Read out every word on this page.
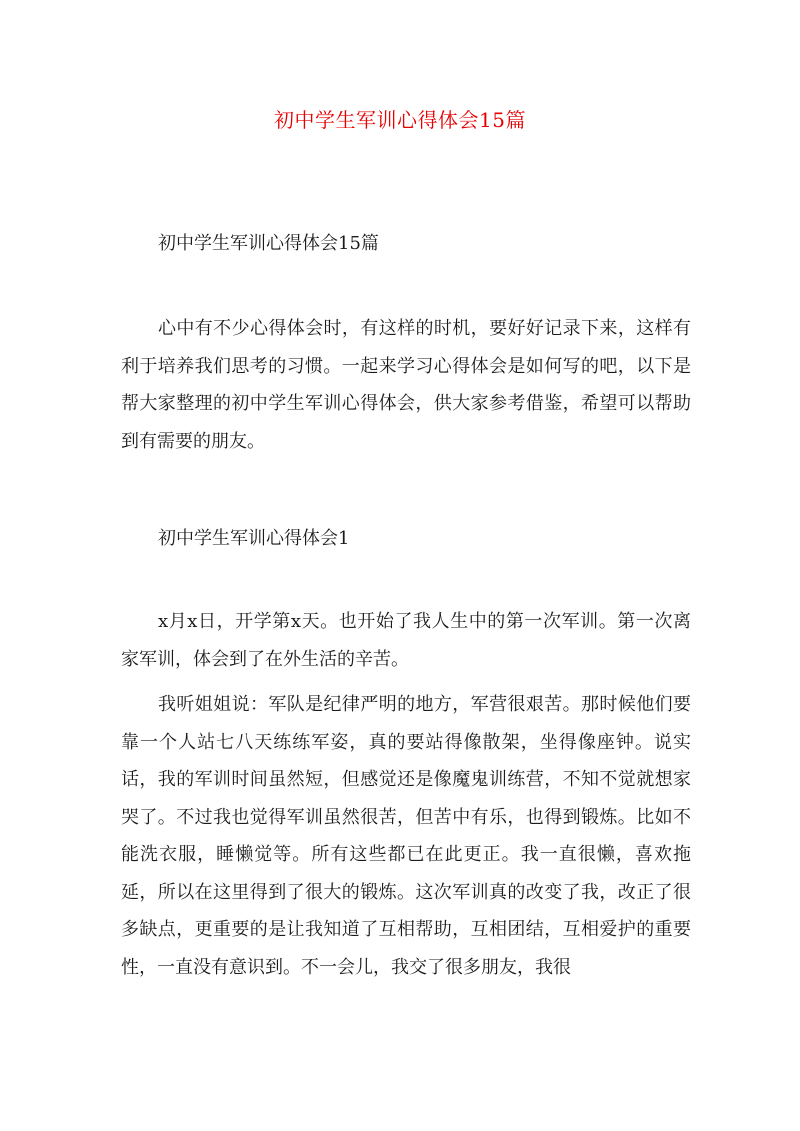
初中学生军训心得体会15篇

初中学生军训心得体会15篇

心中有不少心得体会时，有这样的时机，要好好记录下来，这样有利于培养我们思考的习惯。一起来学习心得体会是如何写的吧，以下是帮大家整理的初中学生军训心得体会，供大家参考借鉴，希望可以帮助到有需要的朋友。

初中学生军训心得体会1

x月x日，开学第x天。也开始了我人生中的第一次军训。第一次离家军训，体会到了在外生活的辛苦。

我听姐姐说：军队是纪律严明的地方，军营很艰苦。那时候他们要靠一个人站七八天练练军姿，真的要站得像散架，坐得像座钟。说实话，我的军训时间虽然短，但感觉还是像魔鬼训练营，不知不觉就想家哭了。不过我也觉得军训虽然很苦，但苦中有乐，也得到锻炼。比如不能洗衣服，睡懒觉等。所有这些都已在此更正。我一直很懒，喜欢拖延，所以在这里得到了很大的锻炼。这次军训真的改变了我，改正了很多缺点，更重要的是让我知道了互相帮助，互相团结，互相爱护的重要性，一直没有意识到。不一会儿，我交了很多朋友，我很
